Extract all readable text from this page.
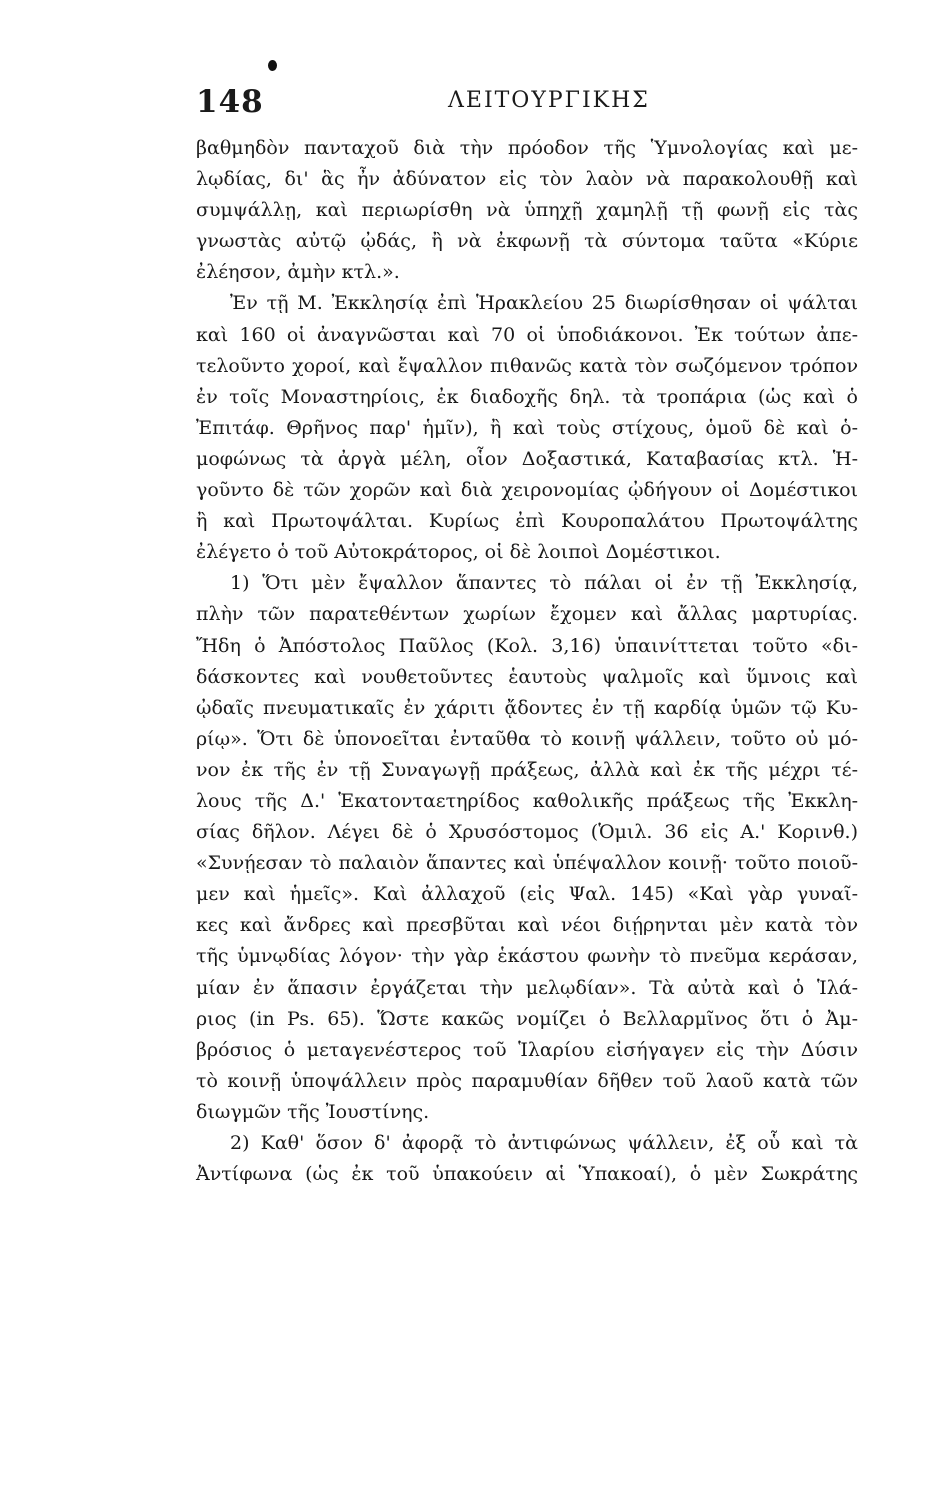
148	ΛΕΙΤΟΥΡΓΙΚΗΣ
βαθμηδὸν πανταχοῦ διὰ τὴν πρόοδον τῆς Ὑμνολογίας καὶ με-
λῳδίας, δι' ἃς ἦν ἀδύνατον εἰς τὸν λαὸν νὰ παρακολουθῇ καὶ
συμψάλλῃ, καὶ περιωρίσθη νὰ ὑπηχῇ χαμηλῇ τῇ φωνῇ εἰς τὰς
γνωστὰς αὐτῷ ᾠδάς, ἢ νὰ ἐκφωνῇ τὰ σύντομα ταῦτα «Κύριε
ἐλέησον, ἀμὴν κτλ.».
Ἐν τῇ Μ. Ἐκκλησίᾳ ἐπὶ Ἡρακλείου 25 διωρίσθησαν οἱ ψάλται
καὶ 160 οἱ ἀναγνῶσται καὶ 70 οἱ ὑποδιάκονοι. Ἐκ τούτων ἀπε-
τελοῦντο χοροί, καὶ ἔψαλλον πιθανῶς κατὰ τὸν σωζόμενον τρόπον
ἐν τοῖς Μοναστηρίοις, ἐκ διαδοχῆς δηλ. τὰ τροπάρια (ὡς καὶ ὁ
Ἐπιτάφ. Θρῆνος παρ' ἡμῖν), ἢ καὶ τοὺς στίχους, ὁμοῦ δὲ καὶ ὁ-
μοφώνως τὰ ἀργὰ μέλη, οἷον Δοξαστικά, Καταβασίας κτλ. Ἡ-
γοῦντο δὲ τῶν χορῶν καὶ διὰ χειρονομίας ᾠδήγουν οἱ Δομέστικοι
ἢ καὶ Πρωτοψάλται. Κυρίως ἐπὶ Κουροπαλάτου Πρωτοψάλτης
ἐλέγετο ὁ τοῦ Αὐτοκράτορος, οἱ δὲ λοιποὶ Δομέστικοι.
1) Ὅτι μὲν ἔψαλλον ἅπαντες τὸ πάλαι οἱ ἐν τῇ Ἐκκλησίᾳ,
πλὴν τῶν παρατεθέντων χωρίων ἔχομεν καὶ ἄλλας μαρτυρίας.
Ἤδη ὁ Ἀπόστολος Παῦλος (Κολ. 3,16) ὑπαινίττεται τοῦτο «δι-
δάσκοντες καὶ νουθετοῦντες ἑαυτοὺς ψαλμοῖς καὶ ὕμνοις καὶ
ᾠδαῖς πνευματικαῖς ἐν χάριτι ᾄδοντες ἐν τῇ καρδίᾳ ὑμῶν τῷ Κυ-
ρίῳ». Ὅτι δὲ ὑπονοεῖται ἐνταῦθα τὸ κοινῇ ψάλλειν, τοῦτο οὐ μό-
νον ἐκ τῆς ἐν τῇ Συναγωγῇ πράξεως, ἀλλὰ καὶ ἐκ τῆς μέχρι τέ-
λους τῆς Δ.' Ἑκατονταετηρίδος καθολικῆς πράξεως τῆς Ἐκκλη-
σίας δῆλον. Λέγει δὲ ὁ Χρυσόστομος (Ὁμιλ. 36 εἰς Α.' Κορινθ.)
«Συνῄεσαν τὸ παλαιὸν ἅπαντες καὶ ὑπέψαλλον κοινῇ· τοῦτο ποιοῦ-
μεν καὶ ἡμεῖς». Καὶ ἀλλαχοῦ (εἰς Ψαλ. 145) «Καὶ γὰρ γυναῖ-
κες καὶ ἄνδρες καὶ πρεσβῦται καὶ νέοι διῄρηνται μὲν κατὰ τὸν
τῆς ὑμνῳδίας λόγον· τὴν γὰρ ἑκάστου φωνὴν τὸ πνεῦμα κεράσαν,
μίαν ἐν ἅπασιν ἐργάζεται τὴν μελῳδίαν». Τὰ αὐτὰ καὶ ὁ Ἱλά-
ριος (in Ps. 65). Ὥστε κακῶς νομίζει ὁ Βελλαρμῖνος ὅτι ὁ Ἀμ-
βρόσιος ὁ μεταγενέστερος τοῦ Ἱλαρίου εἰσήγαγεν εἰς τὴν Δύσιν
τὸ κοινῇ ὑποψάλλειν πρὸς παραμυθίαν δῆθεν τοῦ λαοῦ κατὰ τῶν
διωγμῶν τῆς Ἰουστίνης.
2) Καθ' ὅσον δ' ἀφορᾷ τὸ ἀντιφώνως ψάλλειν, ἐξ οὗ καὶ τὰ
Ἀντίφωνα (ὡς ἐκ τοῦ ὑπακούειν αἱ Ὑπακοαί), ὁ μὲν Σωκράτης
